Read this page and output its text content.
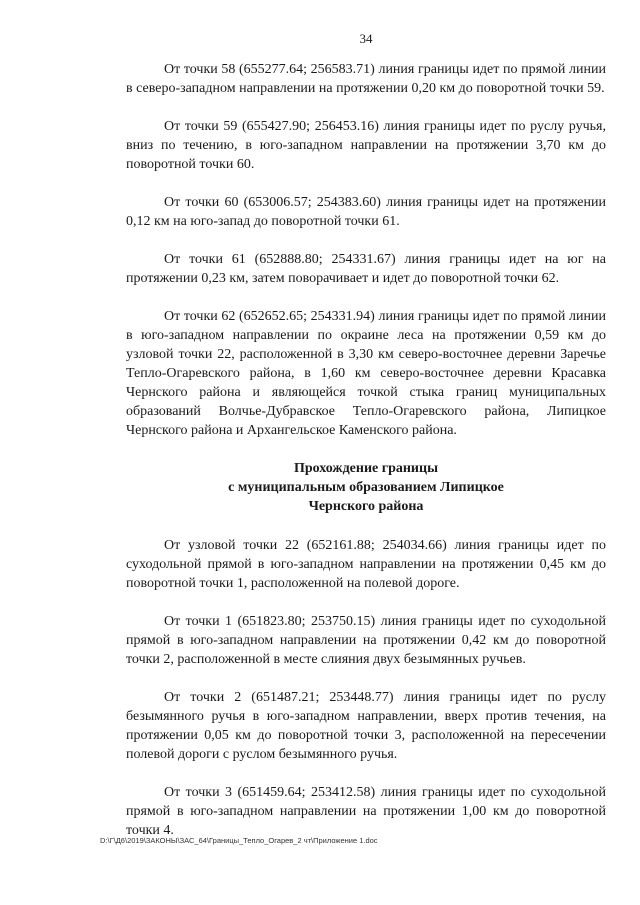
34

От точки 58 (655277.64; 256583.71) линия границы идет по прямой линии в северо-западном направлении на протяжении 0,20 км до поворотной точки 59.

От точки 59 (655427.90; 256453.16) линия границы идет по руслу ручья, вниз по течению, в юго-западном направлении на протяжении 3,70 км до поворотной точки 60.

От точки 60 (653006.57; 254383.60) линия границы идет на протяжении 0,12 км на юго-запад до поворотной точки 61.

От точки 61 (652888.80; 254331.67) линия границы идет на юг на протяжении 0,23 км, затем поворачивает и идет до поворотной точки 62.

От точки 62 (652652.65; 254331.94) линия границы идет по прямой линии в юго-западном направлении по окраине леса на протяжении 0,59 км до узловой точки 22, расположенной в 3,30 км северо-восточнее деревни Заречье Тепло-Огаревского района, в 1,60 км северо-восточнее деревни Красавка Чернского района и являющейся точкой стыка границ муниципальных образований Волчье-Дубравское Тепло-Огаревского района, Липицкое Чернского района и Архангельское Каменского района.

Прохождение границы
с муниципальным образованием Липицкое
Чернского района

От узловой точки 22 (652161.88; 254034.66) линия границы идет по суходольной прямой в юго-западном направлении на протяжении 0,45 км до поворотной точки 1, расположенной на полевой дороге.

От точки 1 (651823.80; 253750.15) линия границы идет по суходольной прямой в юго-западном направлении на протяжении 0,42 км до поворотной точки 2, расположенной в месте слияния двух безымянных ручьев.

От точки 2 (651487.21; 253448.77) линия границы идет по руслу безымянного ручья в юго-западном направлении, вверх против течения, на протяжении 0,05 км до поворотной точки 3, расположенной на пересечении полевой дороги с руслом безымянного ручья.

От точки 3 (651459.64; 253412.58) линия границы идет по суходольной прямой в юго-западном направлении на протяжении 1,00 км до поворотной точки 4.

D:\Г\Д6\2019\ЗАКОНЫ\ЗАС_64\Границы_Тепло_Огарев_2 чт\Приложение 1.doc
